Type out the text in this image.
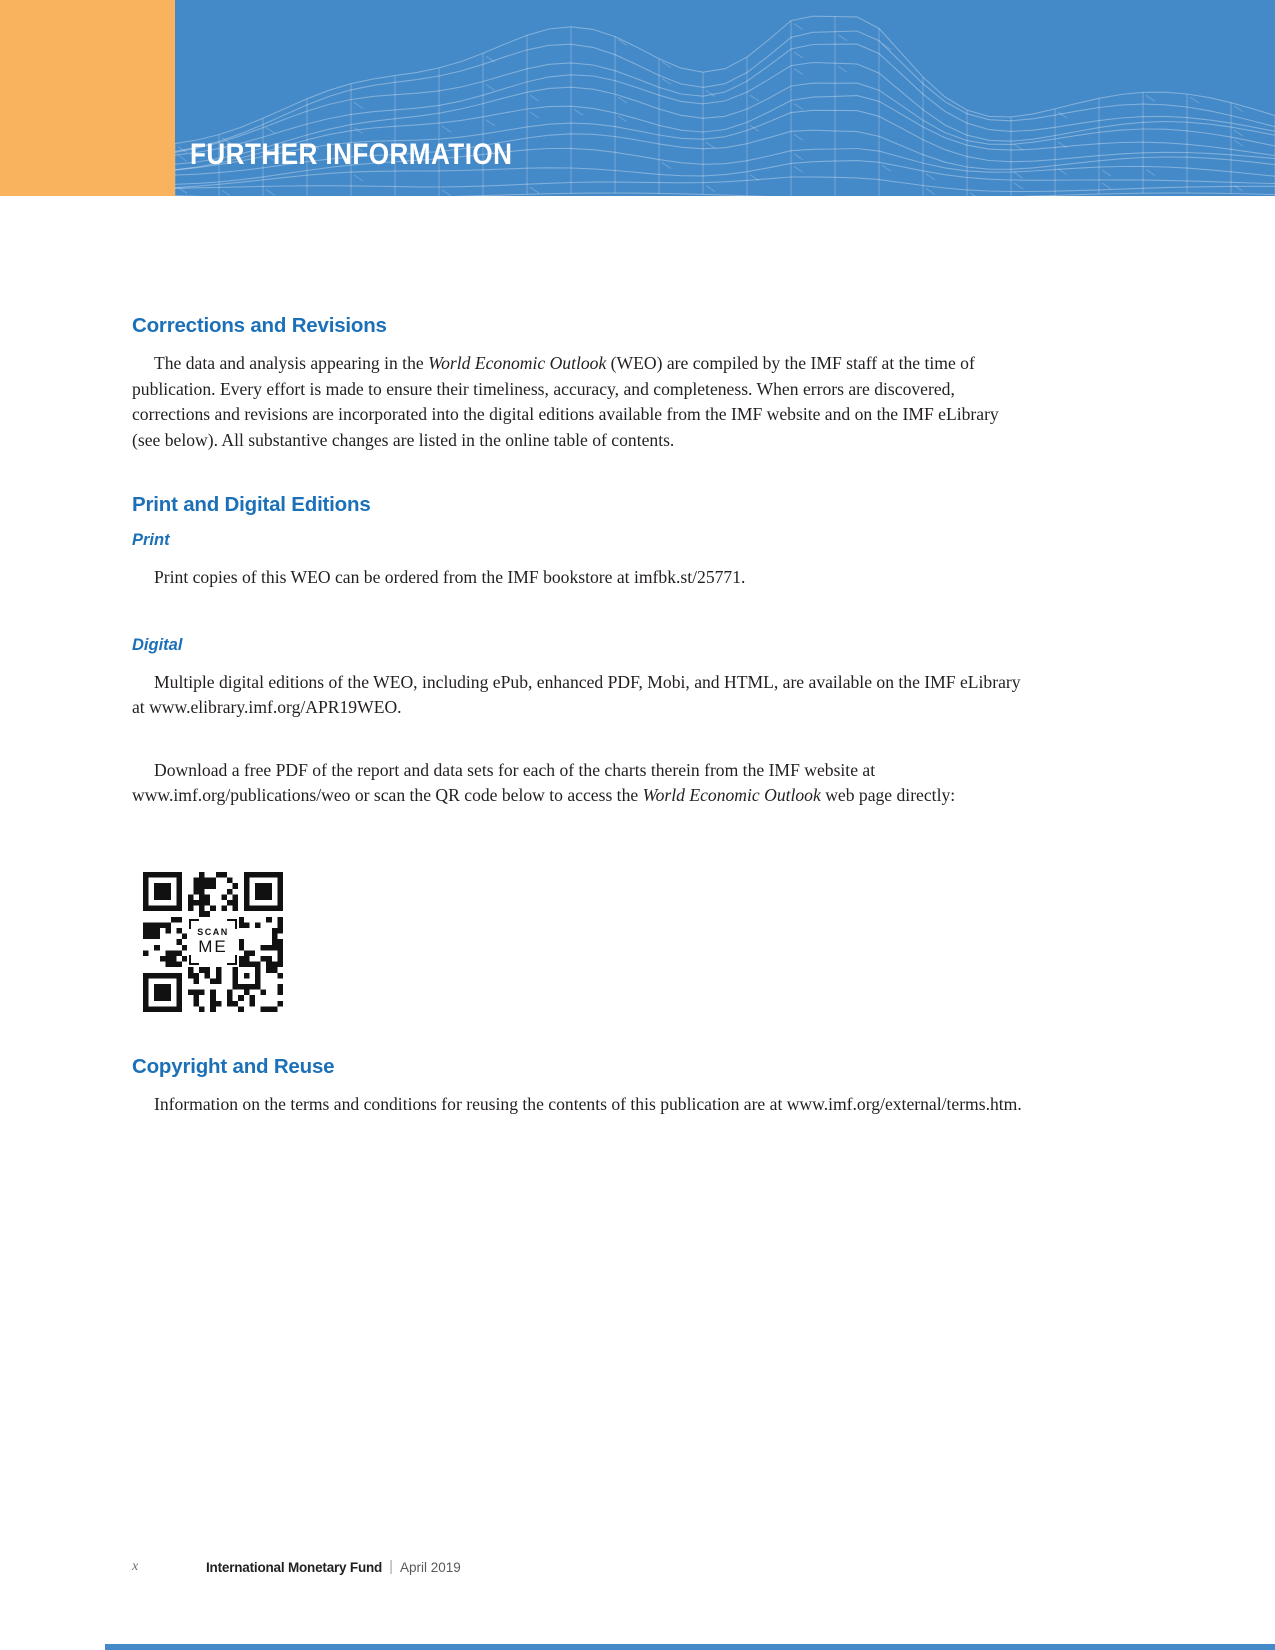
FURTHER INFORMATION
Corrections and Revisions

The data and analysis appearing in the World Economic Outlook (WEO) are compiled by the IMF staff at the time of publication. Every effort is made to ensure their timeliness, accuracy, and completeness. When errors are discovered, corrections and revisions are incorporated into the digital editions available from the IMF website and on the IMF eLibrary (see below). All substantive changes are listed in the online table of contents.

Print and Digital Editions
Print

Print copies of this WEO can be ordered from the IMF bookstore at imfbk.st/25771.

Digital

Multiple digital editions of the WEO, including ePub, enhanced PDF, Mobi, and HTML, are available on the IMF eLibrary at www.elibrary.imf.org/APR19WEO.

Download a free PDF of the report and data sets for each of the charts therein from the IMF website at www.imf.org/publications/weo or scan the QR code below to access the World Economic Outlook web page directly:

SCAN
ME
Copyright and Reuse

Information on the terms and conditions for reusing the contents of this publication are at www.imf.org/external/terms.htm.

x	International Monetary Fund | April 2019
